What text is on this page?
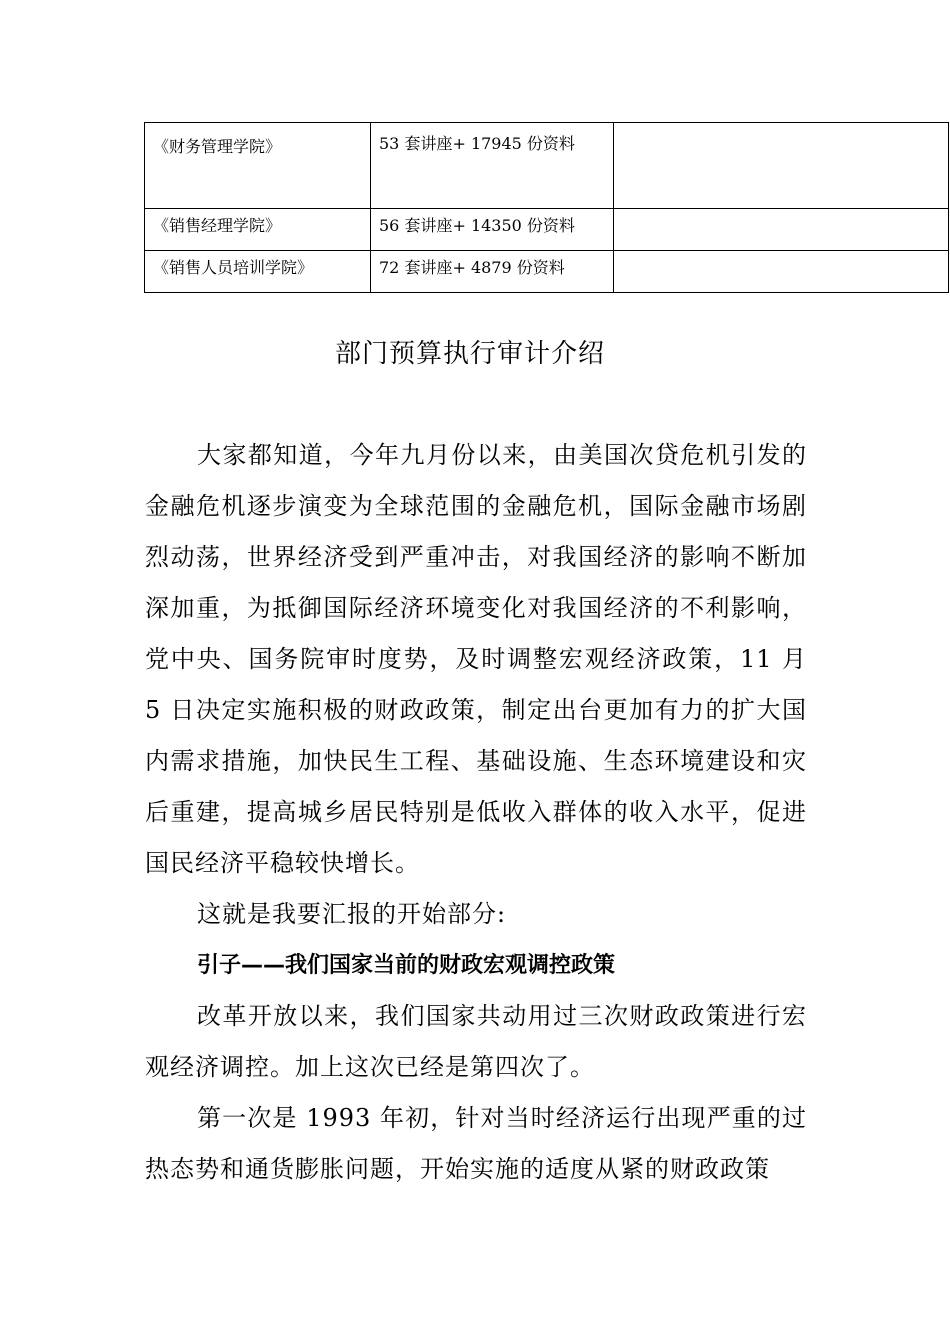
《财务管理学院》	53 套讲座+ 17945 份资料	
《销售经理学院》	56 套讲座+ 14350 份资料	
《销售人员培训学院》	72 套讲座+ 4879 份资料	
部门预算执行审计介绍

大家都知道，今年九月份以来，由美国次贷危机引发的金融危机逐步演变为全球范围的金融危机，国际金融市场剧烈动荡，世界经济受到严重冲击，对我国经济的影响不断加深加重，为抵御国际经济环境变化对我国经济的不利影响，党中央、国务院审时度势，及时调整宏观经济政策，11 月 5 日决定实施积极的财政政策，制定出台更加有力的扩大国内需求措施，加快民生工程、基础设施、生态环境建设和灾后重建，提高城乡居民特别是低收入群体的收入水平，促进国民经济平稳较快增长。

这就是我要汇报的开始部分:

引子——我们国家当前的财政宏观调控政策

改革开放以来，我们国家共动用过三次财政政策进行宏观经济调控。加上这次已经是第四次了。

第一次是 1993 年初，针对当时经济运行出现严重的过热态势和通货膨胀问题，开始实施的适度从紧的财政政策
